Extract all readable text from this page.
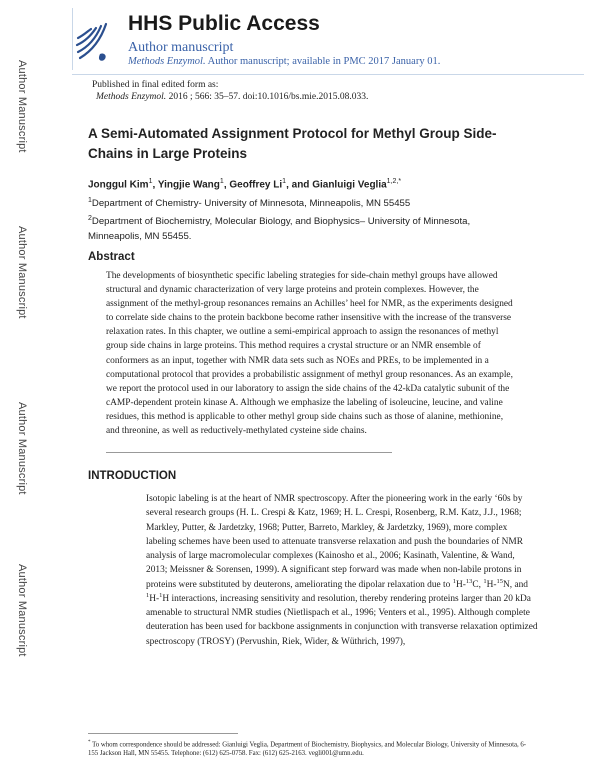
Author Manuscript
Author Manuscript
Author Manuscript
Author Manuscript
HHS Public Access
Author manuscript
Methods Enzymol. Author manuscript; available in PMC 2017 January 01.
Published in final edited form as:
Methods Enzymol. 2016 ; 566: 35–57. doi:10.1016/bs.mie.2015.08.033.
A Semi-Automated Assignment Protocol for Methyl Group Side-Chains in Large Proteins
Jonggul Kim$^1$, Yingjie Wang$^1$, Geoffrey Li$^1$, and Gianluigi Veglia$^{1,2,*}$
$^1$Department of Chemistry- University of Minnesota, Minneapolis, MN 55455
$^2$Department of Biochemistry, Molecular Biology, and Biophysics– University of Minnesota, Minneapolis, MN 55455.
Abstract

The developments of biosynthetic specific labeling strategies for side-chain methyl groups have allowed structural and dynamic characterization of very large proteins and protein complexes. However, the assignment of the methyl-group resonances remains an Achilles’ heel for NMR, as the experiments designed to correlate side chains to the protein backbone become rather insensitive with the increase of the transverse relaxation rates. In this chapter, we outline a semi-empirical approach to assign the resonances of methyl group side chains in large proteins. This method requires a crystal structure or an NMR ensemble of conformers as an input, together with NMR data sets such as NOEs and PREs, to be implemented in a computational protocol that provides a probabilistic assignment of methyl group resonances. As an example, we report the protocol used in our laboratory to assign the side chains of the 42-kDa catalytic subunit of the cAMP-dependent protein kinase A. Although we emphasize the labeling of isoleucine, leucine, and valine residues, this method is applicable to other methyl group side chains such as those of alanine, methionine, and threonine, as well as reductively-methylated cysteine side chains.

INTRODUCTION

Isotopic labeling is at the heart of NMR spectroscopy. After the pioneering work in the early ‘60s by several research groups (H. L. Crespi & Katz, 1969; H. L. Crespi, Rosenberg, R.M. Katz, J.J., 1968; Markley, Putter, & Jardetzky, 1968; Putter, Barreto, Markley, & Jardetzky, 1969), more complex labeling schemes have been used to attenuate transverse relaxation and push the boundaries of NMR analysis of large macromolecular complexes (Kainosho et al., 2006; Kasinath, Valentine, & Wand, 2013; Meissner & Sorensen, 1999). A significant step forward was made when non-labile protons in proteins were substituted by deuterons, ameliorating the dipolar relaxation due to $^1$H-$^{13}$C, $^1$H-$^{15}$N, and $^1$H-$^1$H interactions, increasing sensitivity and resolution, thereby rendering proteins larger than 20 kDa amenable to structural NMR studies (Nietlispach et al., 1996; Venters et al., 1995). Although complete deuteration has been used for backbone assignments in conjunction with transverse relaxation optimized spectroscopy (TROSY) (Pervushin, Riek, Wider, & Wüthrich, 1997),

* To whom correspondence should be addressed: Gianluigi Veglia, Department of Biochemistry, Biophysics, and Molecular Biology, University of Minnesota, 6-155 Jackson Hall, MN 55455. Telephone: (612) 625-0758. Fax: (612) 625-2163. vegli001@umn.edu.
